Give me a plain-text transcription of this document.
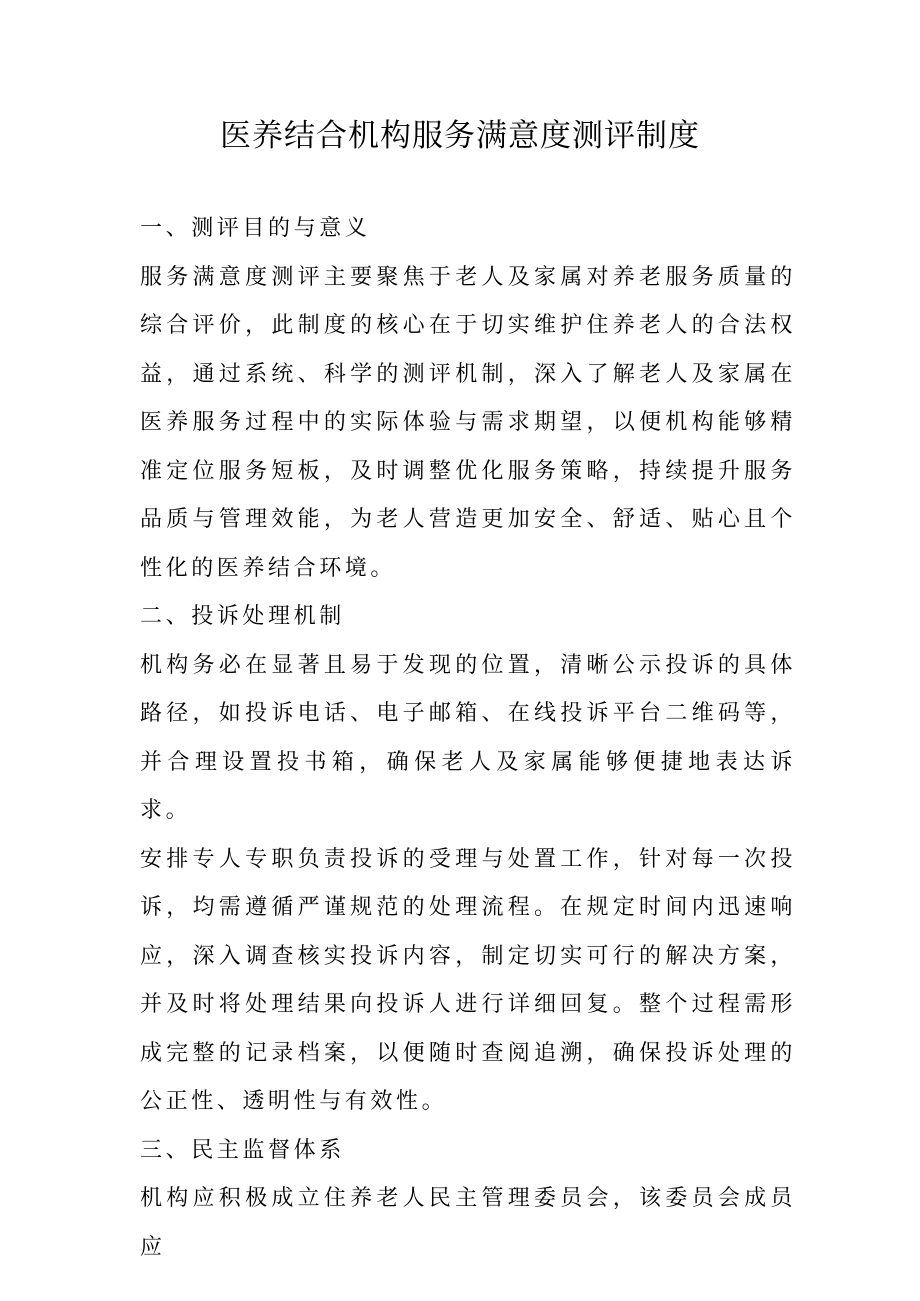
医养结合机构服务满意度测评制度

一、测评目的与意义

服务满意度测评主要聚焦于老人及家属对养老服务质量的综合评价，此制度的核心在于切实维护住养老人的合法权益，通过系统、科学的测评机制，深入了解老人及家属在医养服务过程中的实际体验与需求期望，以便机构能够精准定位服务短板，及时调整优化服务策略，持续提升服务品质与管理效能，为老人营造更加安全、舒适、贴心且个性化的医养结合环境。

二、投诉处理机制

机构务必在显著且易于发现的位置，清晰公示投诉的具体路径，如投诉电话、电子邮箱、在线投诉平台二维码等，并合理设置投书箱，确保老人及家属能够便捷地表达诉求。

安排专人专职负责投诉的受理与处置工作，针对每一次投诉，均需遵循严谨规范的处理流程。在规定时间内迅速响应，深入调查核实投诉内容，制定切实可行的解决方案，并及时将处理结果向投诉人进行详细回复。整个过程需形成完整的记录档案，以便随时查阅追溯，确保投诉处理的公正性、透明性与有效性。

三、民主监督体系

机构应积极成立住养老人民主管理委员会，该委员会成员应
